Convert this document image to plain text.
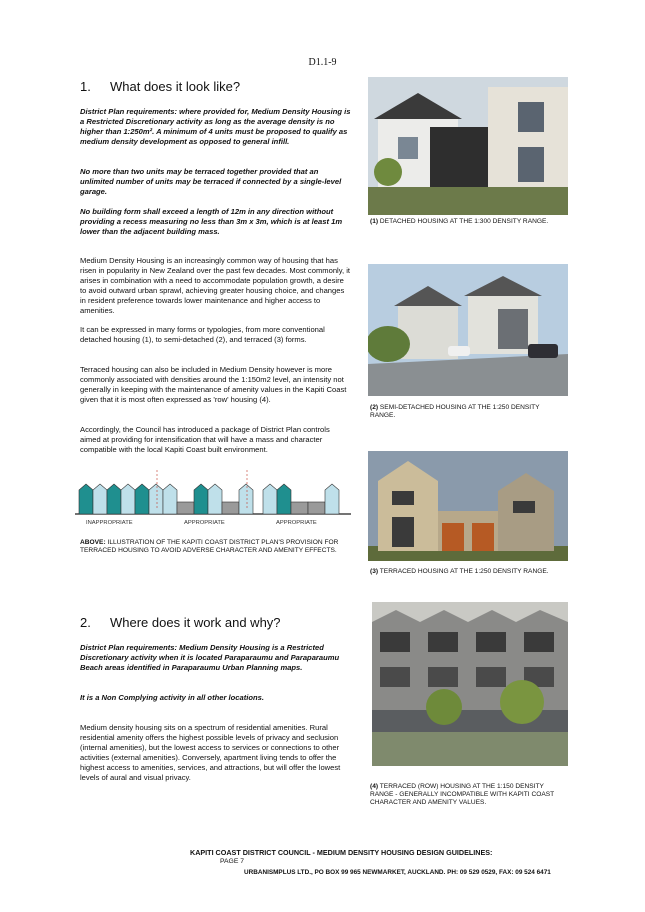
D1.1-9
1. What does it look like?

District Plan requirements: where provided for, Medium Density Housing is a Restricted Discretionary activity as long as the average density is no higher than 1:250m². A minimum of 4 units must be proposed to qualify as medium density development as opposed to general infill.

No more than two units may be terraced together provided that an unlimited number of units may be terraced if connected by a single-level garage.

No building form shall exceed a length of 12m in any direction without providing a recess measuring no less than 3m x 3m, which is at least 1m lower than the adjacent building mass.

Medium Density Housing is an increasingly common way of housing that has risen in popularity in New Zealand over the past few decades. Most commonly, it arises in combination with a need to accommodate population growth, a desire to avoid outward urban sprawl, achieving greater housing choice, and changes in resident preference towards lower maintenance and higher access to amenities.

It can be expressed in many forms or typologies, from more conventional detached housing (1), to semi-detached (2), and terraced (3) forms.

Terraced housing can also be included in Medium Density however is more commonly associated with densities around the 1:150m2 level, an intensity not generally in keeping with the maintenance of amenity values in the Kapiti Coast given that it is most often expressed as 'row' housing (4).

Accordingly, the Council has introduced a package of District Plan controls aimed at providing for intensification that will have a mass and character compatible with the local Kapiti Coast built environment.

INAPPROPRIATE	APPROPRIATE	APPROPRIATE

ABOVE: ILLUSTRATION OF THE KAPITI COAST DISTRICT PLAN'S PROVISION FOR TERRACED HOUSING TO AVOID ADVERSE CHARACTER AND AMENITY EFFECTS.

(1) DETACHED HOUSING AT THE 1:300 DENSITY RANGE.

(2) SEMI-DETACHED HOUSING AT THE 1:250 DENSITY RANGE.

(3) TERRACED HOUSING AT THE 1:250 DENSITY RANGE.

(4) TERRACED (ROW) HOUSING AT THE 1:150 DENSITY RANGE - GENERALLY INCOMPATIBLE WITH KAPITI COAST CHARACTER AND AMENITY VALUES.

2. Where does it work and why?

District Plan requirements: Medium Density Housing is a Restricted Discretionary activity when it is located Paraparaumu and Paraparaumu Beach areas identified in Paraparaumu Urban Planning maps.

It is a Non Complying activity in all other locations.

Medium density housing sits on a spectrum of residential amenities. Rural residential amenity offers the highest possible levels of privacy and seclusion (internal amenities), but the lowest access to services or connections to other activities (external amenities). Conversely, apartment living tends to offer the highest access to amenities, services, and attractions, but will offer the lowest levels of aural and visual privacy.

KAPITI COAST DISTRICT COUNCIL - MEDIUM DENSITY HOUSING DESIGN GUIDELINES:
PAGE 7
URBANISMPLUS LTD., PO BOX 99 965 NEWMARKET, AUCKLAND. PH: 09 529 0529, FAX: 09 524 6471
